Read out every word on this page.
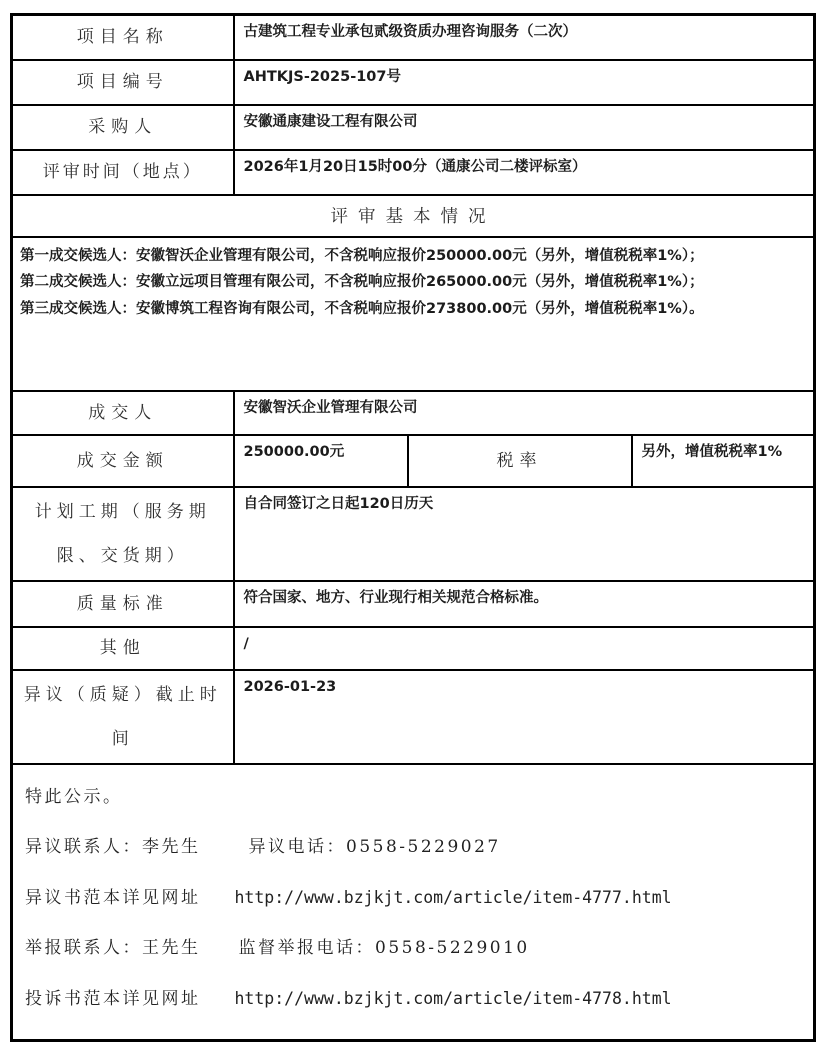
项目名称	古建筑工程专业承包贰级资质办理咨询服务（二次）		
项目编号	AHTKJS-2025-107号		
采购人	安徽通康建设工程有限公司		
评审时间（地点）	2026年1月20日15时00分（通康公司二楼评标室）		
评审基本情况			

第一成交候选人：安徽智沃企业管理有限公司，不含税响应报价250000.00元（另外，增值税税率1%）；
第二成交候选人：安徽立远项目管理有限公司，不含税响应报价265000.00元（另外，增值税税率1%）；
第三成交候选人：安徽博筑工程咨询有限公司，不含税响应报价273800.00元（另外，增值税税率1%）。			

成交人	安徽智沃企业管理有限公司		
成交金额	250000.00元	税率	另外，增值税税率1%
计划工期（服务期限、交货期）	自合同签订之日起120日历天		
质量标准	符合国家、地方、行业现行相关规范合格标准。		
其他	/		
异议（质疑）截止时间	2026-01-23		

特此公示。

异议联系人：李先生 异议电话：0558-5229027

异议书范本详见网址 http://www.bzjkjt.com/article/item-4777.html

举报联系人：王先生 监督举报电话：0558-5229010

投诉书范本详见网址 http://www.bzjkjt.com/article/item-4778.html			
